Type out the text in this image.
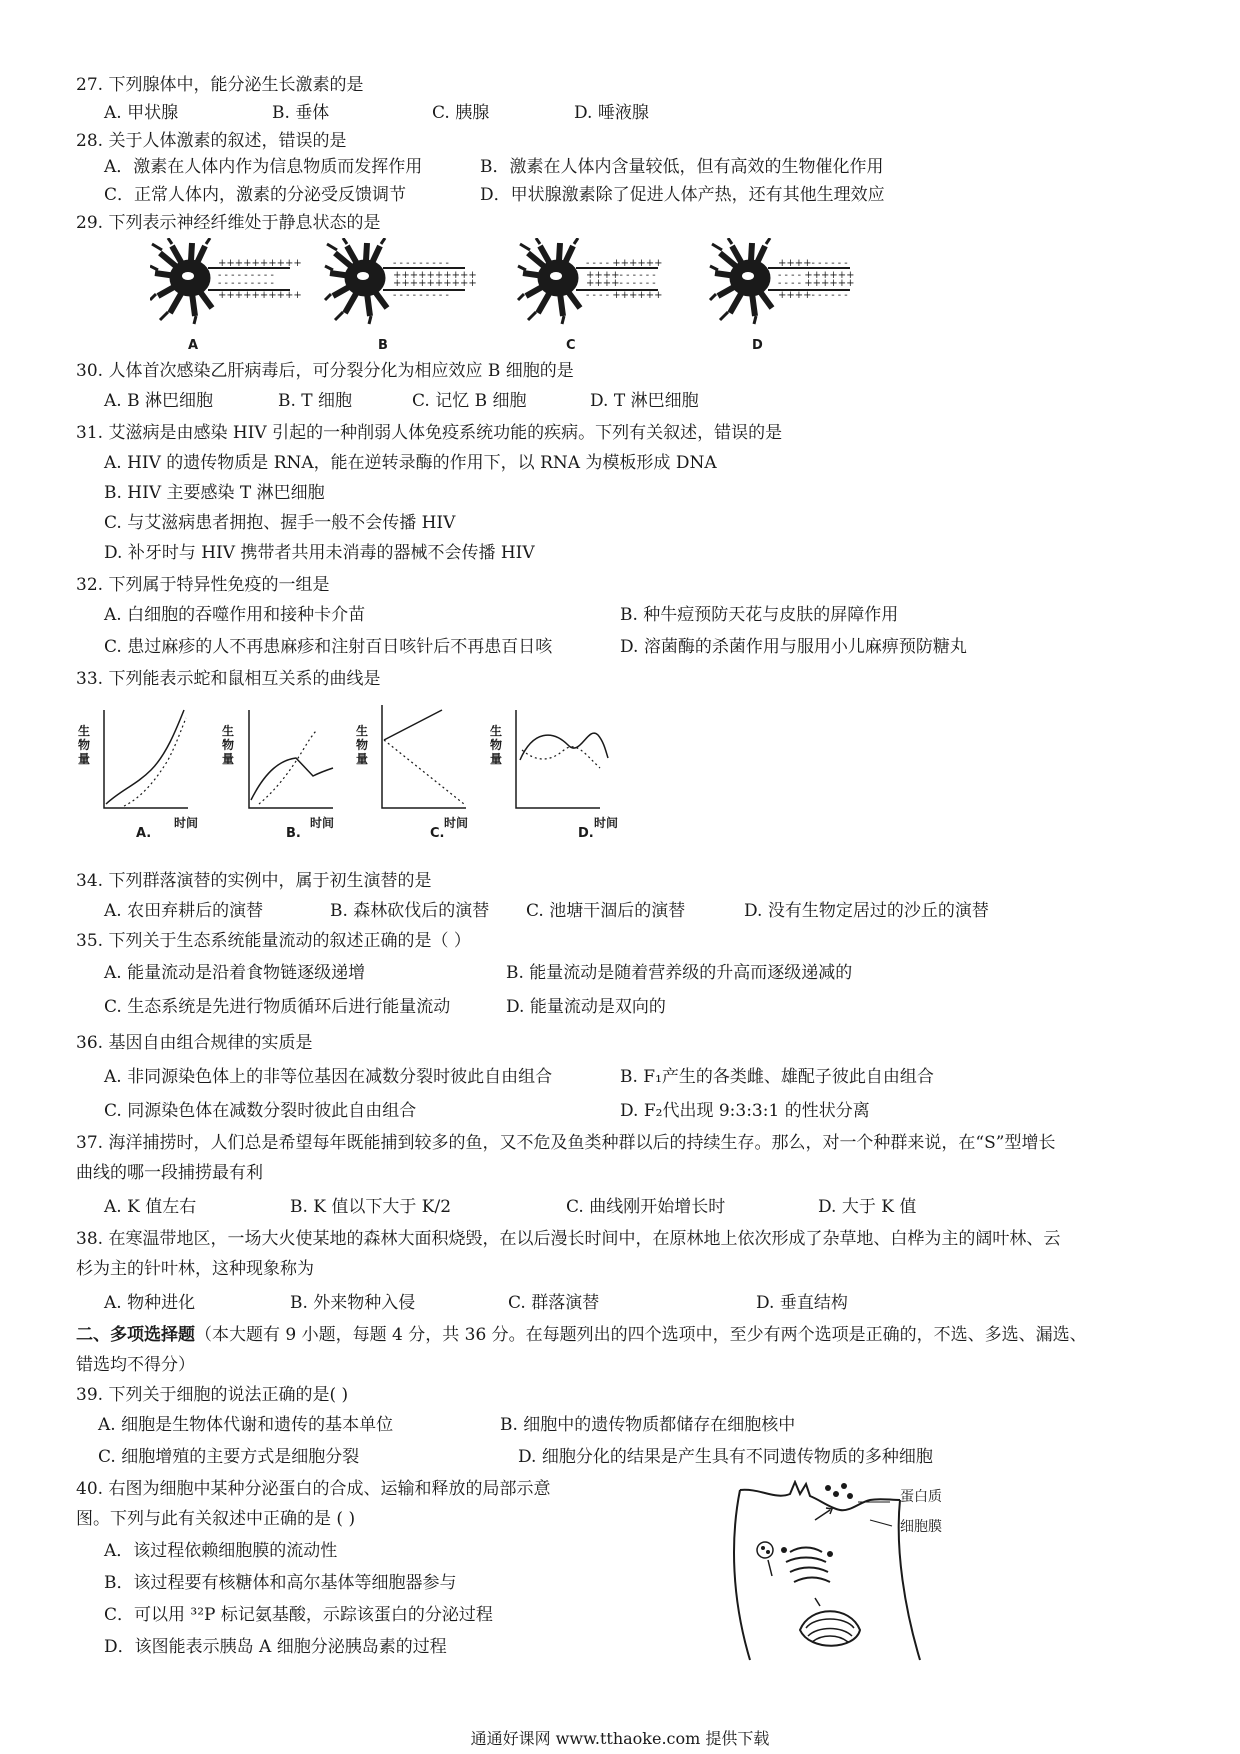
27. 下列腺体中，能分泌生长激素的是
A. 甲状腺	B. 垂体	C. 胰腺	D. 唾液腺
28. 关于人体激素的叙述，错误的是
A．激素在人体内作为信息物质而发挥作用	B．激素在人体内含量较低，但有高效的生物催化作用
C．正常人体内，激素的分泌受反馈调节	D．甲状腺激素除了促进人体产热，还有其他生理效应
29. 下列表示神经纤维处于静息状态的是
++++++++++
- - - - - - - - -
- - - - - - - - -
++++++++++
- - - - - - - - -
++++++++++
++++++++++
- - - - - - - - -
- - - - ++++++
++++- - - - - -
++++- - - - - -
- - - - ++++++
++++- - - - - -
- - - - ++++++
- - - - ++++++
++++- - - - - -
A	B	C	D
30. 人体首次感染乙肝病毒后，可分裂分化为相应效应 B 细胞的是
A. B 淋巴细胞	B. T 细胞	C. 记忆 B 细胞	D. T 淋巴细胞
31. 艾滋病是由感染 HIV 引起的一种削弱人体免疫系统功能的疾病。下列有关叙述，错误的是
A. HIV 的遗传物质是 RNA，能在逆转录酶的作用下，以 RNA 为模板形成 DNA
B. HIV 主要感染 T 淋巴细胞
C. 与艾滋病患者拥抱、握手一般不会传播 HIV
D. 补牙时与 HIV 携带者共用未消毒的器械不会传播 HIV
32. 下列属于特异性免疫的一组是
A. 白细胞的吞噬作用和接种卡介苗	B. 种牛痘预防天花与皮肤的屏障作用
C. 患过麻疹的人不再患麻疹和注射百日咳针后不再患百日咳	D. 溶菌酶的杀菌作用与服用小儿麻痹预防糖丸
33. 下列能表示蛇和鼠相互关系的曲线是
生物量
生物量
生物量
生物量
时间	时间	时间	时间
A.	B.	C.	D.
34. 下列群落演替的实例中，属于初生演替的是
A. 农田弃耕后的演替	B. 森林砍伐后的演替 C. 池塘干涸后的演替	D. 没有生物定居过的沙丘的演替
35. 下列关于生态系统能量流动的叙述正确的是（ ）
A. 能量流动是沿着食物链逐级递增	B. 能量流动是随着营养级的升高而逐级递减的
C. 生态系统是先进行物质循环后进行能量流动	D. 能量流动是双向的
36. 基因自由组合规律的实质是
A. 非同源染色体上的非等位基因在减数分裂时彼此自由组合	B. F₁产生的各类雌、雄配子彼此自由组合
C. 同源染色体在减数分裂时彼此自由组合	D. F₂代出现 9:3:3:1 的性状分离
37. 海洋捕捞时，人们总是希望每年既能捕到较多的鱼，又不危及鱼类种群以后的持续生存。那么，对一个种群来说，在“S”型增长
曲线的哪一段捕捞最有利
A. K 值左右	B. K 值以下大于 K/2	C. 曲线刚开始增长时	D. 大于 K 值
38. 在寒温带地区，一场大火使某地的森林大面积烧毁，在以后漫长时间中，在原林地上依次形成了杂草地、白桦为主的阔叶林、云
杉为主的针叶林，这种现象称为
A. 物种进化	B. 外来物种入侵	C. 群落演替	D. 垂直结构
二、多项选择题（本大题有 9 小题，每题 4 分，共 36 分。在每题列出的四个选项中，至少有两个选项是正确的，不选、多选、漏选、
错选均不得分）
39. 下列关于细胞的说法正确的是( )
A. 细胞是生物体代谢和遗传的基本单位	B. 细胞中的遗传物质都储存在细胞核中
C. 细胞增殖的主要方式是细胞分裂	D. 细胞分化的结果是产生具有不同遗传物质的多种细胞
40. 右图为细胞中某种分泌蛋白的合成、运输和释放的局部示意
图。下列与此有关叙述中正确的是 ( )
A．该过程依赖细胞膜的流动性
B．该过程要有核糖体和高尔基体等细胞器参与
C．可以用 ³²P 标记氨基酸，示踪该蛋白的分泌过程
D．该图能表示胰岛 A 细胞分泌胰岛素的过程
蛋白质
细胞膜
通通好课网 www.tthaoke.com 提供下载
